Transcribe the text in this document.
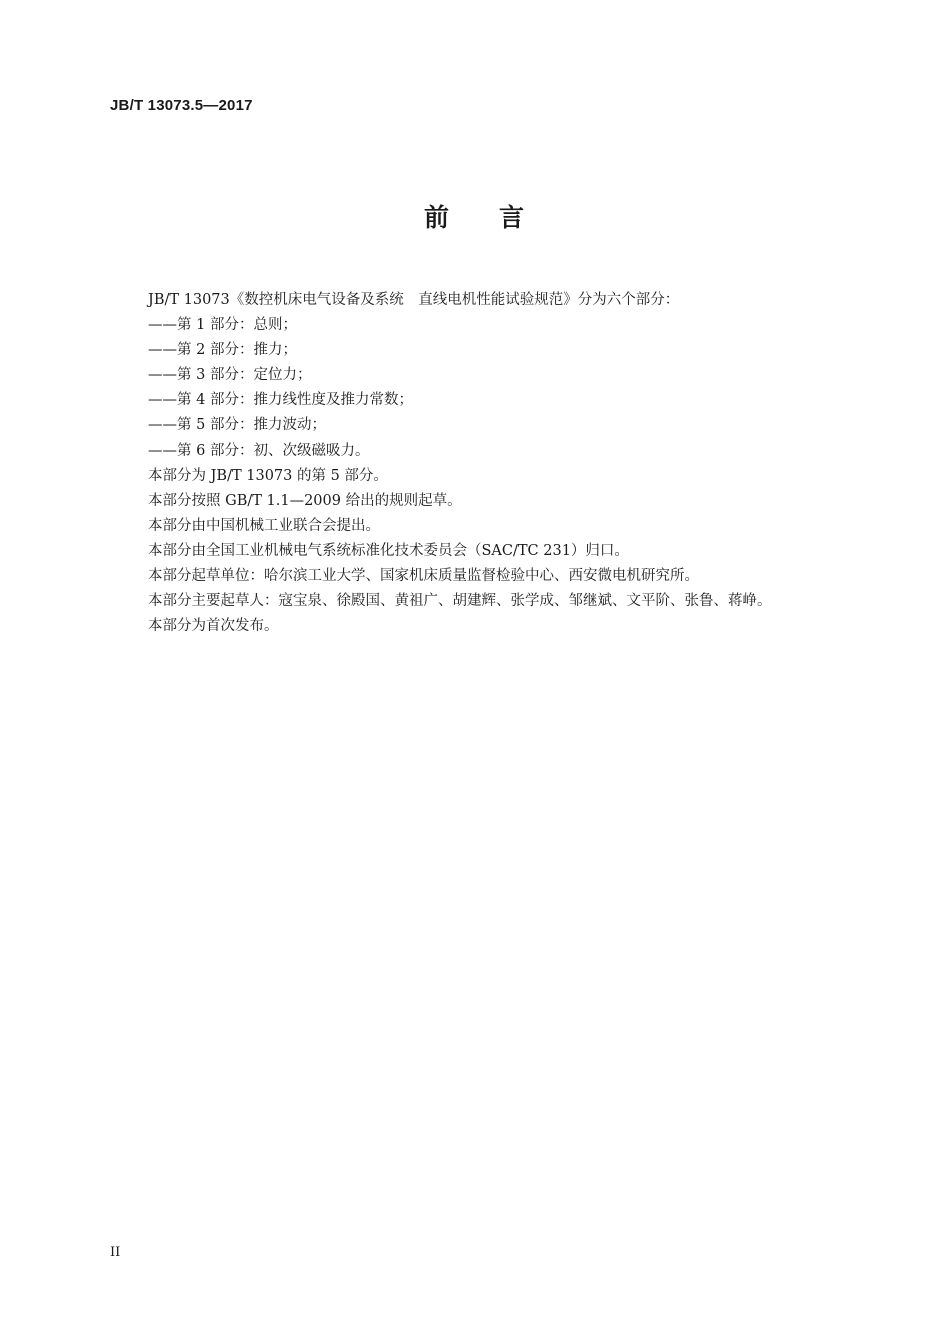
JB/T 13073.5—2017
前 言
JB/T 13073《数控机床电气设备及系统　直线电机性能试验规范》分为六个部分：
——第 1 部分：总则；
——第 2 部分：推力；
——第 3 部分：定位力；
——第 4 部分：推力线性度及推力常数；
——第 5 部分：推力波动；
——第 6 部分：初、次级磁吸力。
本部分为 JB/T 13073 的第 5 部分。
本部分按照 GB/T 1.1—2009 给出的规则起草。
本部分由中国机械工业联合会提出。
本部分由全国工业机械电气系统标准化技术委员会（SAC/TC 231）归口。
本部分起草单位：哈尔滨工业大学、国家机床质量监督检验中心、西安微电机研究所。
本部分主要起草人：寇宝泉、徐殿国、黄祖广、胡建辉、张学成、邹继斌、文平阶、张鲁、蒋峥。
本部分为首次发布。
II
